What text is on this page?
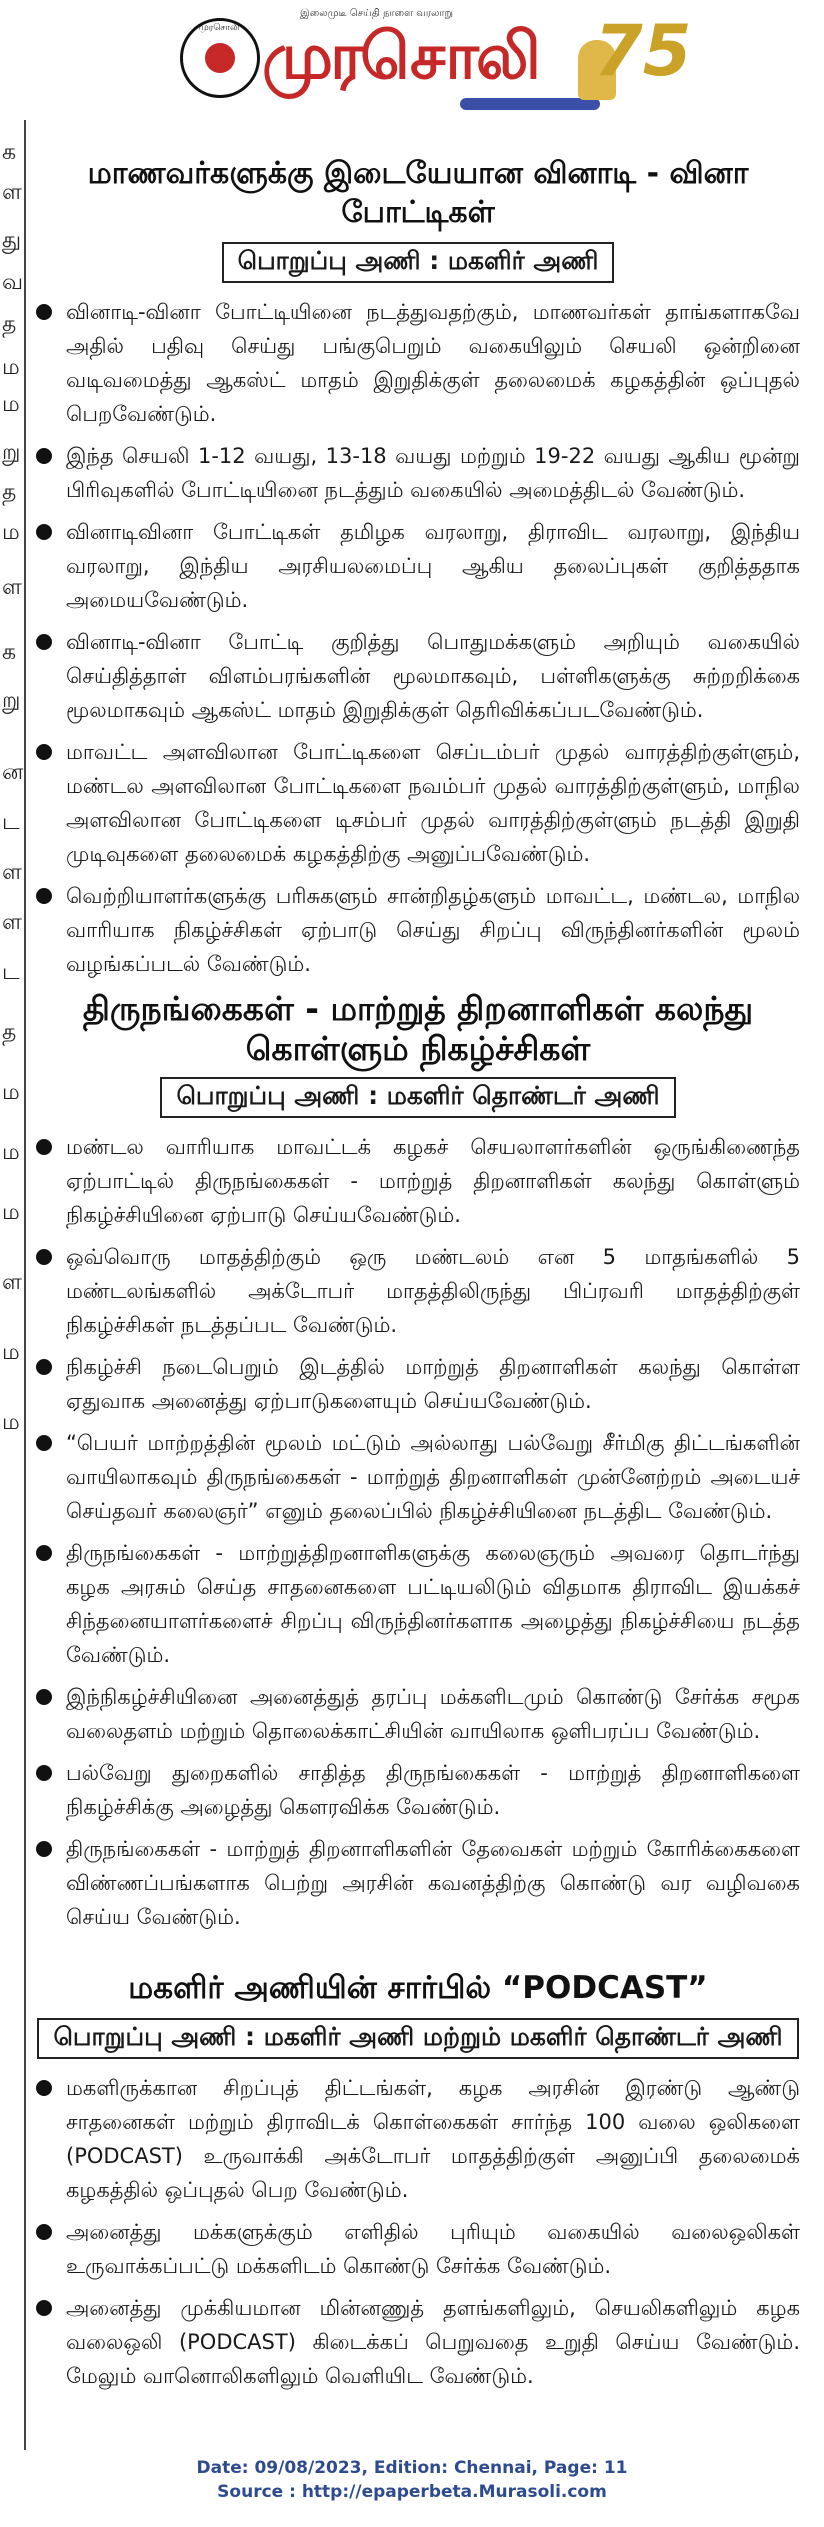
இலைமுடீ செய்தி நாளை வரலாறு
முரசொலி முரசொலி 75
க
ள
து
வ
த
ம
ம
று
த
ம
ள
க
று
ன
ட
ள
ள
ட
த
ம
ம
ம
ள
ம
ம
மாணவர்களுக்கு இடையேயான வினாடி - வினா போட்டிகள்
பொறுப்பு அணி : மகளிர் அணி
வினாடி-வினா போட்டியினை நடத்துவதற்கும், மாணவர்கள் தாங்களாகவே அதில் பதிவு செய்து பங்குபெறும் வகையிலும் செயலி ஒன்றினை வடிவமைத்து ஆகஸ்ட் மாதம் இறுதிக்குள் தலைமைக் கழகத்தின் ஒப்புதல் பெறவேண்டும்.
இந்த செயலி 1-12 வயது, 13-18 வயது மற்றும் 19-22 வயது ஆகிய மூன்று பிரிவுகளில் போட்டியினை நடத்தும் வகையில் அமைத்திடல் வேண்டும்.
வினாடிவினா போட்டிகள் தமிழக வரலாறு, திராவிட வரலாறு, இந்திய வரலாறு, இந்திய அரசியலமைப்பு ஆகிய தலைப்புகள் குறித்ததாக அமையவேண்டும்.
வினாடி-வினா போட்டி குறித்து பொதுமக்களும் அறியும் வகையில் செய்தித்தாள் விளம்பரங்களின் மூலமாகவும், பள்ளிகளுக்கு சுற்றறிக்கை மூலமாகவும் ஆகஸ்ட் மாதம் இறுதிக்குள் தெரிவிக்கப்படவேண்டும்.
மாவட்ட அளவிலான போட்டிகளை செப்டம்பர் முதல் வாரத்திற்குள்ளும், மண்டல அளவிலான போட்டிகளை நவம்பர் முதல் வாரத்திற்குள்ளும், மாநில அளவிலான போட்டிகளை டிசம்பர் முதல் வாரத்திற்குள்ளும் நடத்தி இறுதி முடிவுகளை தலைமைக் கழகத்திற்கு அனுப்பவேண்டும்.
வெற்றியாளர்களுக்கு பரிசுகளும் சான்றிதழ்களும் மாவட்ட, மண்டல, மாநில வாரியாக நிகழ்ச்சிகள் ஏற்பாடு செய்து சிறப்பு விருந்தினர்களின் மூலம் வழங்கப்படல் வேண்டும்.
திருநங்கைகள் - மாற்றுத் திறனாளிகள் கலந்து கொள்ளும் நிகழ்ச்சிகள்
பொறுப்பு அணி : மகளிர் தொண்டர் அணி
மண்டல வாரியாக மாவட்டக் கழகச் செயலாளர்களின் ஒருங்கிணைந்த ஏற்பாட்டில் திருநங்கைகள் - மாற்றுத் திறனாளிகள் கலந்து கொள்ளும் நிகழ்ச்சியினை ஏற்பாடு செய்யவேண்டும்.
ஒவ்வொரு மாதத்திற்கும் ஒரு மண்டலம் என 5 மாதங்களில் 5 மண்டலங்களில் அக்டோபர் மாதத்திலிருந்து பிப்ரவரி மாதத்திற்குள் நிகழ்ச்சிகள் நடத்தப்பட வேண்டும்.
நிகழ்ச்சி நடைபெறும் இடத்தில் மாற்றுத் திறனாளிகள் கலந்து கொள்ள ஏதுவாக அனைத்து ஏற்பாடுகளையும் செய்யவேண்டும்.
“பெயர் மாற்றத்தின் மூலம் மட்டும் அல்லாது பல்வேறு சீர்மிகு திட்டங்களின் வாயிலாகவும் திருநங்கைகள் - மாற்றுத் திறனாளிகள் முன்னேற்றம் அடையச் செய்தவர் கலைஞர்” எனும் தலைப்பில் நிகழ்ச்சியினை நடத்திட வேண்டும்.
திருநங்கைகள் - மாற்றுத்திறனாளிகளுக்கு கலைஞரும் அவரை தொடர்ந்து கழக அரசும் செய்த சாதனைகளை பட்டியலிடும் விதமாக திராவிட இயக்கச் சிந்தனையாளர்களைச் சிறப்பு விருந்தினர்களாக அழைத்து நிகழ்ச்சியை நடத்த வேண்டும்.
இந்நிகழ்ச்சியினை அனைத்துத் தரப்பு மக்களிடமும் கொண்டு சேர்க்க சமூக வலைதளம் மற்றும் தொலைக்காட்சியின் வாயிலாக ஒளிபரப்ப வேண்டும்.
பல்வேறு துறைகளில் சாதித்த திருநங்கைகள் - மாற்றுத் திறனாளிகளை நிகழ்ச்சிக்கு அழைத்து கௌரவிக்க வேண்டும்.
திருநங்கைகள் - மாற்றுத் திறனாளிகளின் தேவைகள் மற்றும் கோரிக்கைகளை விண்ணப்பங்களாக பெற்று அரசின் கவனத்திற்கு கொண்டு வர வழிவகை செய்ய வேண்டும்.
மகளிர் அணியின் சார்பில் “PODCAST”
பொறுப்பு அணி : மகளிர் அணி மற்றும் மகளிர் தொண்டர் அணி
மகளிருக்கான சிறப்புத் திட்டங்கள், கழக அரசின் இரண்டு ஆண்டு சாதனைகள் மற்றும் திராவிடக் கொள்கைகள் சார்ந்த 100 வலை ஒலிகளை (PODCAST) உருவாக்கி அக்டோபர் மாதத்திற்குள் அனுப்பி தலைமைக் கழகத்தில் ஒப்புதல் பெற வேண்டும்.
அனைத்து மக்களுக்கும் எளிதில் புரியும் வகையில் வலைஒலிகள் உருவாக்கப்பட்டு மக்களிடம் கொண்டு சேர்க்க வேண்டும்.
அனைத்து முக்கியமான மின்னணுத் தளங்களிலும், செயலிகளிலும் கழக வலைஒலி (PODCAST) கிடைக்கப் பெறுவதை உறுதி செய்ய வேண்டும். மேலும் வானொலிகளிலும் வெளியிட வேண்டும்.
Date: 09/08/2023, Edition: Chennai, Page: 11
Source : http://epaperbeta.Murasoli.com
